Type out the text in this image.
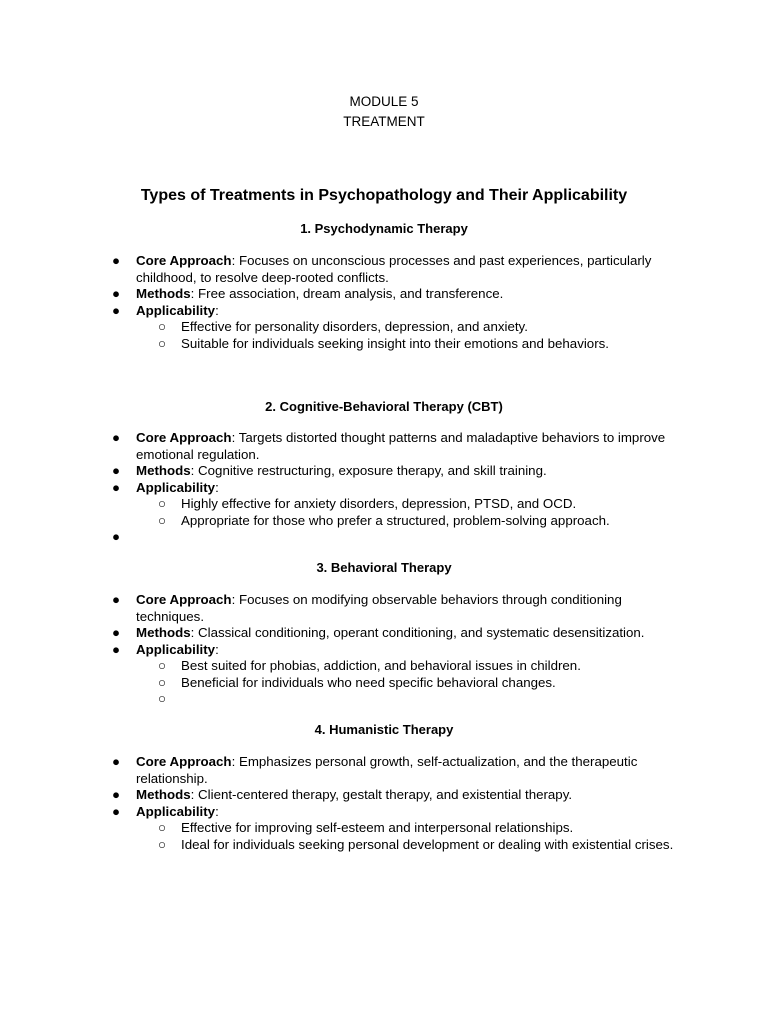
MODULE 5
TREATMENT
Types of Treatments in Psychopathology and Their Applicability
1. Psychodynamic Therapy
● Core Approach: Focuses on unconscious processes and past experiences, particularly childhood, to resolve deep-rooted conflicts.
● Methods: Free association, dream analysis, and transference.
● Applicability:
○ Effective for personality disorders, depression, and anxiety.
○ Suitable for individuals seeking insight into their emotions and behaviors.
2. Cognitive-Behavioral Therapy (CBT)
● Core Approach: Targets distorted thought patterns and maladaptive behaviors to improve emotional regulation.
● Methods: Cognitive restructuring, exposure therapy, and skill training.
● Applicability:
○ Highly effective for anxiety disorders, depression, PTSD, and OCD.
○ Appropriate for those who prefer a structured, problem-solving approach.
●
3. Behavioral Therapy
● Core Approach: Focuses on modifying observable behaviors through conditioning techniques.
● Methods: Classical conditioning, operant conditioning, and systematic desensitization.
● Applicability:
○ Best suited for phobias, addiction, and behavioral issues in children.
○ Beneficial for individuals who need specific behavioral changes.
○
4. Humanistic Therapy
● Core Approach: Emphasizes personal growth, self-actualization, and the therapeutic relationship.
● Methods: Client-centered therapy, gestalt therapy, and existential therapy.
● Applicability:
○ Effective for improving self-esteem and interpersonal relationships.
○ Ideal for individuals seeking personal development or dealing with existential crises.
